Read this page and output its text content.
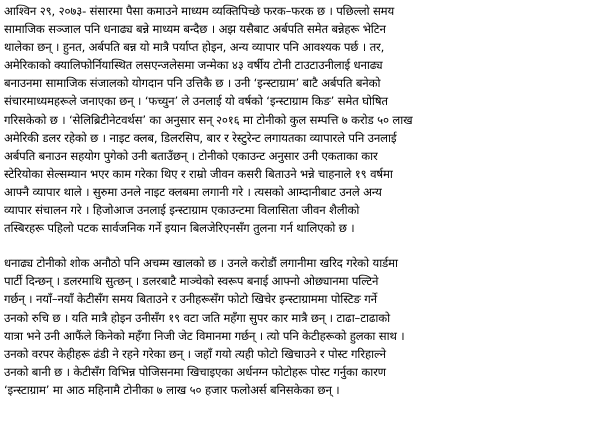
आश्विन २९, २०७३- संसारमा पैसा कमाउने माध्यम व्यक्तिपिच्छे फरक–फरक छ । पछिल्लो समय

सामाजिक सञ्जाल पनि धनाढ्य बन्ने माध्यम बन्दैछ । अझ यसैबाट अर्बपति समेत बन्नेहरू भेटिन

थालेका छन् । हुनत, अर्बपति बन्न यो मात्रै पर्याप्त होइन, अन्य व्यापार पनि आवश्यक पर्छ । तर,

अमेरिकाको क्यालिफोर्नियास्थित लसएन्जलेसमा जन्मेका ४३ वर्षीय टोनी टाउटाउनीलाई धनाढ्य

बनाउनमा सामाजिक संजालको योगदान पनि उत्तिकै छ । उनी ‘इन्स्टाग्राम’ बाटै अर्बपति बनेको

संचारमाध्यमहरूले जनाएका छन् । ‘फच्युन’ ले उनलाई यो वर्षको ‘इन्स्टाग्राम किङ’ समेत घोषित

गरिसकेको छ । ‘सेलिब्रिटीनेटवर्थस’ का अनुसार सन् २०१६ मा टोनीको कुल सम्पत्ति ७ करोड ५० लाख

अमेरिकी डलर रहेको छ । नाइट क्लब, डिलरसिप, बार र रेस्टुरेन्ट लगायतका व्यापारले पनि उनलाई

अर्बपति बनाउन सहयोग पुगेको उनी बताउँछन् । टोनीको एकाउन्ट अनुसार उनी एकताका कार

स्टेरियोका सेल्सम्यान भएर काम गरेका थिए र राम्रो जीवन कसरी बिताउने भन्ने चाहनाले १९ वर्षमा

आफ्नै व्यापार थाले । सुरुमा उनले नाइट क्लबमा लगानी गरे । त्यसको आम्दानीबाट उनले अन्य

व्यापार संचालन गरे । हिजोआज उनलाई इन्स्टाग्राम एकाउन्टमा विलासिता जीवन शैलीको

तस्बिरहरू पहिलो पटक सार्वजनिक गर्ने इयान बिलजेरिएनसँग तुलना गर्न थालिएको छ ।

धनाढ्य टोनीको शोक अनौठो पनि अचम्म खालको छ । उनले करोडौं लगानीमा खरिद गरेको यार्डमा

पार्टी दिन्छन् । डलरमाथि सुत्छन् । डलरबाटै माञ्चेको स्वरूप बनाई आफ्नो ओछ्यानमा पल्टिने

गर्छन् । नयाँ–नयाँ केटीसँग समय बिताउने र उनीहरूसँग फोटो खिचेर इन्स्टाग्राममा पोस्टिङ गर्ने

उनको रुचि छ । यति मात्रै होइन उनीसँग १९ वटा जति महँगा सुपर कार मात्रै छन् । टाढा–टाढाको

यात्रा भने उनी आफैंले किनेको महँगा निजी जेट विमानमा गर्छन् । त्यो पनि केटीहरूको हुलका साथ ।

उनको वरपर केहीहरू ढंडी ने रहने गरेका छन् । जहाँ गयो त्यही फोटो खिचाउने र पोस्ट गरिहाल्ने

उनको बानी छ । केटीसँग विभिन्न पोजिसनमा खिचाइएका अर्धनग्न फोटोहरू पोस्ट गर्नुका कारण

‘इन्स्टाग्राम’ मा आठ महिनामै टोनीका ७ लाख ५० हजार फलोअर्स बनिसकेका छन् ।
